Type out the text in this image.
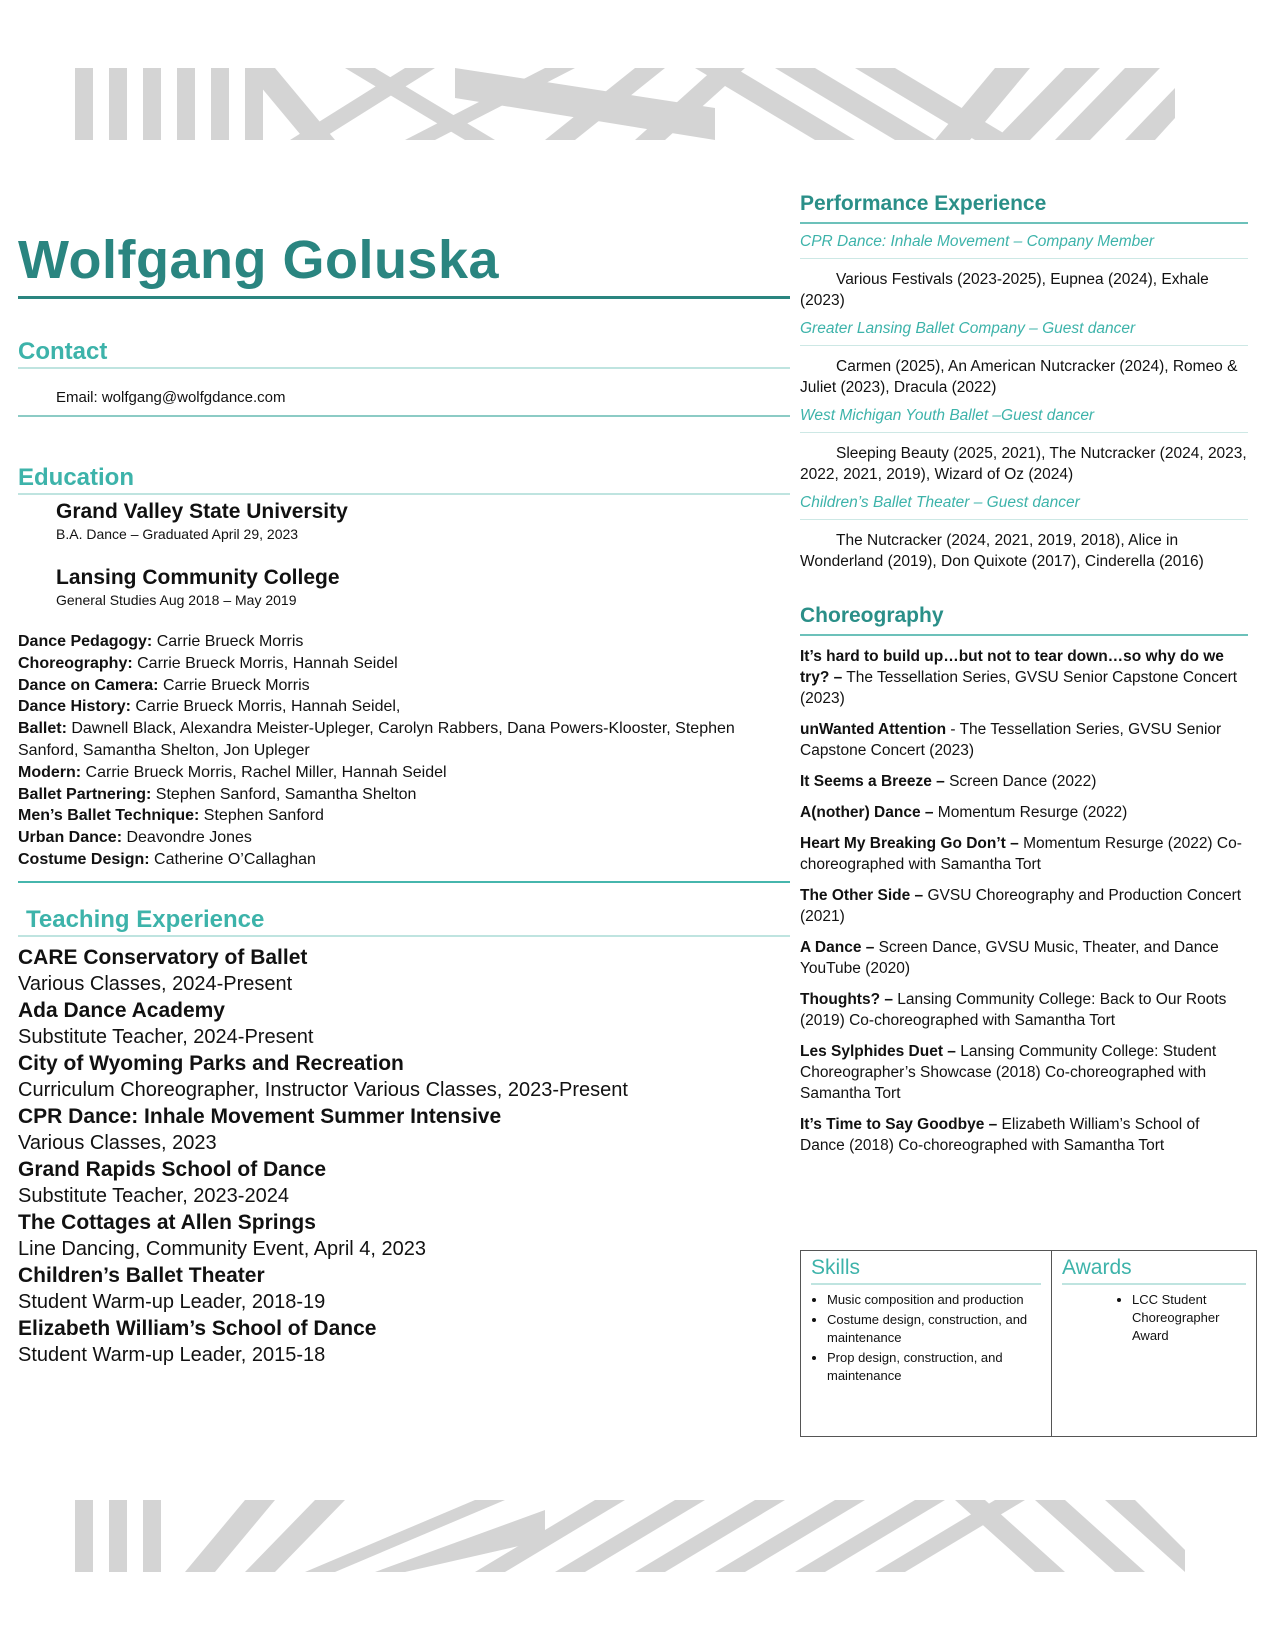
Wolfgang Goluska
Contact
Email: wolfgang@wolfgdance.com
Education
Grand Valley State University
B.A. Dance – Graduated April 29, 2023
Lansing Community College
General Studies Aug 2018 – May 2019
Dance Pedagogy: Carrie Brueck Morris
Choreography: Carrie Brueck Morris, Hannah Seidel
Dance on Camera: Carrie Brueck Morris
Dance History: Carrie Brueck Morris, Hannah Seidel,
Ballet: Dawnell Black, Alexandra Meister-Upleger, Carolyn Rabbers, Dana Powers-Klooster, Stephen Sanford, Samantha Shelton, Jon Upleger
Modern: Carrie Brueck Morris, Rachel Miller, Hannah Seidel
Ballet Partnering: Stephen Sanford, Samantha Shelton
Men’s Ballet Technique: Stephen Sanford
Urban Dance: Deavondre Jones
Costume Design: Catherine O’Callaghan
Teaching Experience
CARE Conservatory of Ballet
Various Classes, 2024-Present
Ada Dance Academy
Substitute Teacher, 2024-Present
City of Wyoming Parks and Recreation
Curriculum Choreographer, Instructor Various Classes, 2023-Present
CPR Dance: Inhale Movement Summer Intensive
Various Classes, 2023
Grand Rapids School of Dance
Substitute Teacher, 2023-2024
The Cottages at Allen Springs
Line Dancing, Community Event, April 4, 2023
Children’s Ballet Theater
Student Warm-up Leader, 2018-19
Elizabeth William’s School of Dance
Student Warm-up Leader, 2015-18
Performance Experience
CPR Dance: Inhale Movement – Company Member
Various Festivals (2023-2025), Eupnea (2024), Exhale (2023)
Greater Lansing Ballet Company – Guest dancer
Carmen (2025), An American Nutcracker (2024), Romeo & Juliet (2023), Dracula (2022)
West Michigan Youth Ballet –Guest dancer
Sleeping Beauty (2025, 2021), The Nutcracker (2024, 2023, 2022, 2021, 2019), Wizard of Oz (2024)
Children’s Ballet Theater – Guest dancer
The Nutcracker (2024, 2021, 2019, 2018), Alice in Wonderland (2019), Don Quixote (2017), Cinderella (2016)
Choreography
It’s hard to build up…but not to tear down…so why do we try? – The Tessellation Series, GVSU Senior Capstone Concert (2023)
unWanted Attention - The Tessellation Series, GVSU Senior Capstone Concert (2023)
It Seems a Breeze – Screen Dance (2022)
A(nother) Dance – Momentum Resurge (2022)
Heart My Breaking Go Don’t – Momentum Resurge (2022) Co-choreographed with Samantha Tort
The Other Side – GVSU Choreography and Production Concert (2021)
A Dance – Screen Dance, GVSU Music, Theater, and Dance YouTube (2020)
Thoughts? – Lansing Community College: Back to Our Roots (2019) Co-choreographed with Samantha Tort
Les Sylphides Duet – Lansing Community College: Student Choreographer’s Showcase (2018) Co-choreographed with Samantha Tort
It’s Time to Say Goodbye – Elizabeth William’s School of Dance (2018) Co-choreographed with Samantha Tort
Skills
• Music composition and production
• Costume design, construction, and maintenance
• Prop design, construction, and maintenance
Awards
• LCC Student Choreographer Award
